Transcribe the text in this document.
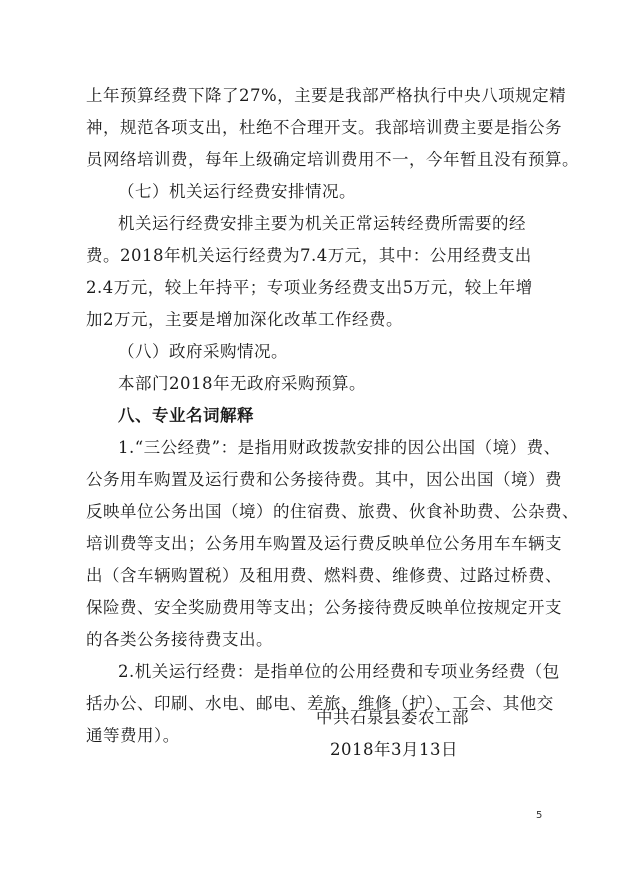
上年预算经费下降了27%，主要是我部严格执行中央八项规定精
神，规范各项支出，杜绝不合理开支。我部培训费主要是指公务
员网络培训费，每年上级确定培训费用不一，今年暂且没有预算。
（七）机关运行经费安排情况。
机关运行经费安排主要为机关正常运转经费所需要的经
费。2018年机关运行经费为7.4万元，其中：公用经费支出
2.4万元，较上年持平；专项业务经费支出5万元，较上年增
加2万元，主要是增加深化改革工作经费。
（八）政府采购情况。
本部门2018年无政府采购预算。
八、专业名词解释
1.“三公经费”：是指用财政拨款安排的因公出国（境）费、
公务用车购置及运行费和公务接待费。其中，因公出国（境）费
反映单位公务出国（境）的住宿费、旅费、伙食补助费、公杂费、
培训费等支出；公务用车购置及运行费反映单位公务用车车辆支
出（含车辆购置税）及租用费、燃料费、维修费、过路过桥费、
保险费、安全奖励费用等支出；公务接待费反映单位按规定开支
的各类公务接待费支出。
2.机关运行经费：是指单位的公用经费和专项业务经费（包
括办公、印刷、水电、邮电、差旅、维修（护）、工会、其他交
通等费用）。
中共石泉县委农工部
2018年3月13日
5
